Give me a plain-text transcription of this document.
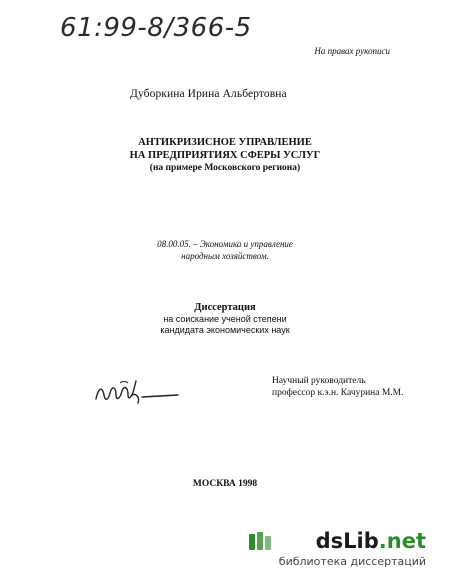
61:99-8/366-5
На правах рукописи
Дуборкина Ирина Альбертовна
АНТИКРИЗИСНОЕ УПРАВЛЕНИЕ
НА ПРЕДПРИЯТИЯХ СФЕРЫ УСЛУГ
(на примере Московского региона)
08.00.05. – Экономика и управление
народным хозяйством.
Диссертация
на соискание ученой степени
кандидата экономических наук
Научный руководитель
профессор к.э.н. Качурина М.М.
МОСКВА 1998
dsLib.net
библиотека диссертаций
